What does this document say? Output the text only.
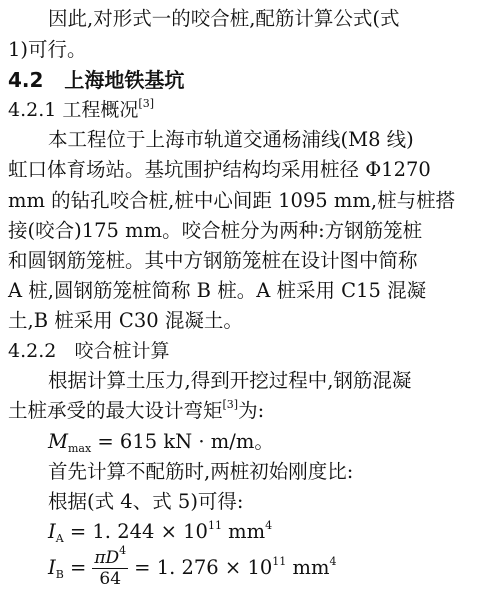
因此,对形式一的咬合桩,配筋计算公式(式
1)可行。
4.2 上海地铁基坑
4.2.1 工程概况[3]
本工程位于上海市轨道交通杨浦线(M8 线)
虹口体育场站。基坑围护结构均采用桩径 Φ1270
mm 的钻孔咬合桩,桩中心间距 1095 mm,桩与桩搭
接(咬合)175 mm。咬合桩分为两种:方钢筋笼桩
和圆钢筋笼桩。其中方钢筋笼桩在设计图中简称
A 桩,圆钢筋笼桩简称 B 桩。A 桩采用 C15 混凝
土,B 桩采用 C30 混凝土。
4.2.2 咬合桩计算
根据计算土压力,得到开挖过程中,钢筋混凝
土桩承受的最大设计弯矩[3]为:
$M_{max} = 615$ kN · m/m。
首先计算不配筋时,两桩初始刚度比:
根据(式 4、式 5)可得:
$I_A = 1$. $244 \times 10^{11}$ $mm^4$
$I_B = \frac{\pi D^4}{64} = 1$. $276 \times 10^{11}$ $mm^4$
